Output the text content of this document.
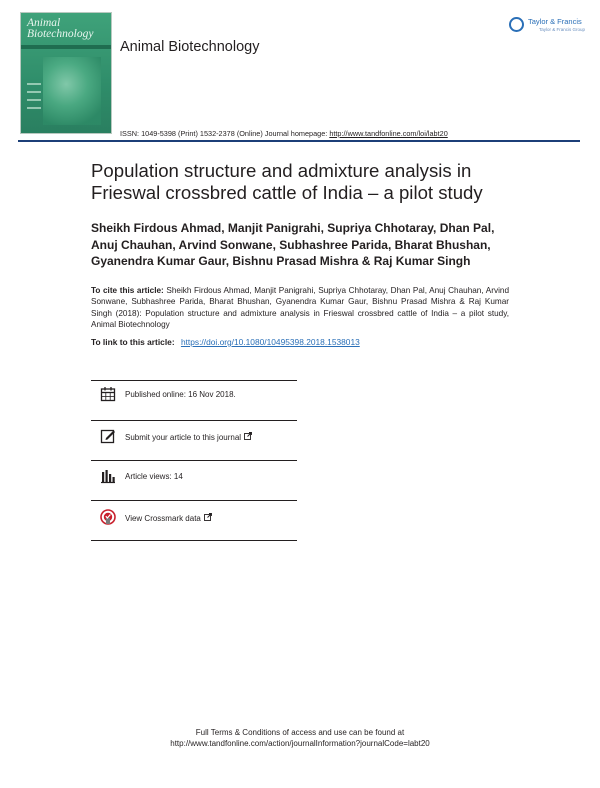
Animal
Biotechnology
Animal Biotechnology
Taylor & Francis
Taylor & Francis Group
ISSN: 1049-5398 (Print) 1532-2378 (Online) Journal homepage: http://www.tandfonline.com/loi/labt20
Population structure and admixture analysis in Frieswal crossbred cattle of India – a pilot study
Sheikh Firdous Ahmad, Manjit Panigrahi, Supriya Chhotaray, Dhan Pal, Anuj Chauhan, Arvind Sonwane, Subhashree Parida, Bharat Bhushan, Gyanendra Kumar Gaur, Bishnu Prasad Mishra & Raj Kumar Singh
To cite this article: Sheikh Firdous Ahmad, Manjit Panigrahi, Supriya Chhotaray, Dhan Pal, Anuj Chauhan, Arvind Sonwane, Subhashree Parida, Bharat Bhushan, Gyanendra Kumar Gaur, Bishnu Prasad Mishra & Raj Kumar Singh (2018): Population structure and admixture analysis in Frieswal crossbred cattle of India – a pilot study, Animal Biotechnology
To link to this article: https://doi.org/10.1080/10495398.2018.1538013
Published online: 16 Nov 2018.
Submit your article to this journal
Article views: 14
View Crossmark data
Full Terms & Conditions of access and use can be found at
http://www.tandfonline.com/action/journalInformation?journalCode=labt20
